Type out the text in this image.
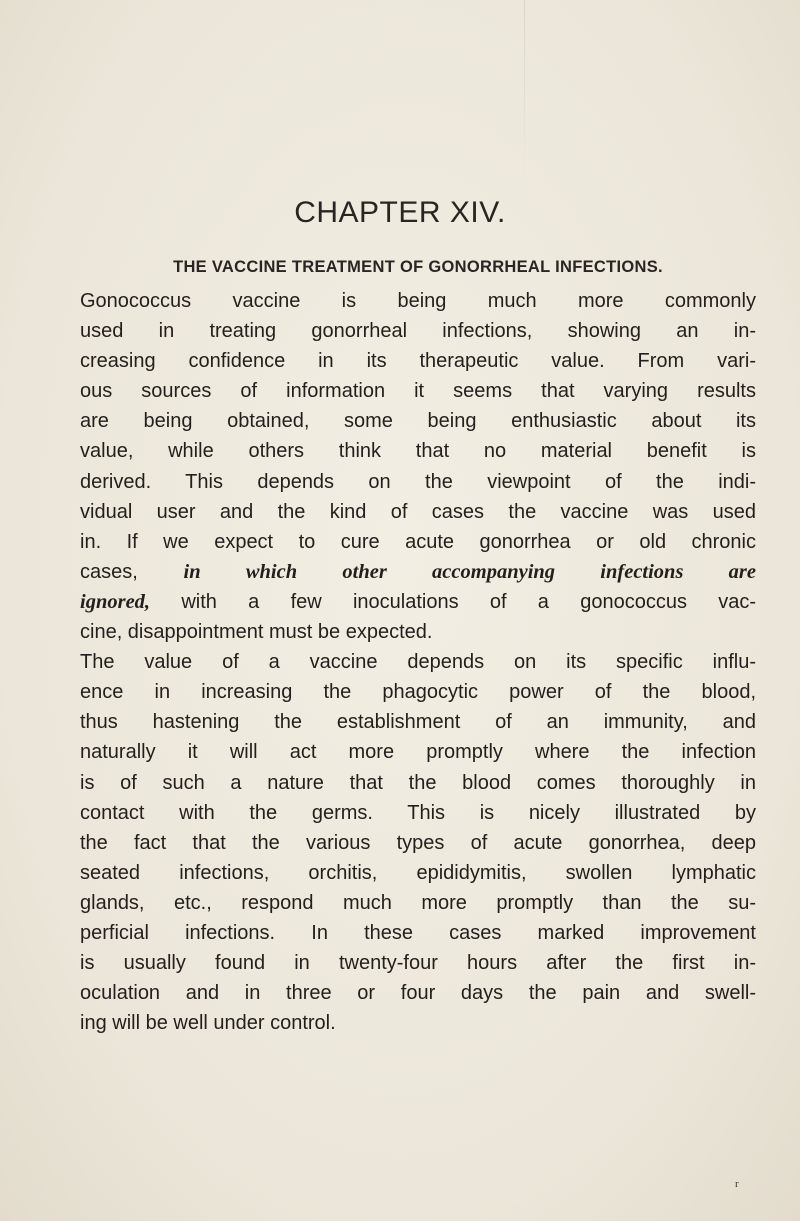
CHAPTER XIV.
THE VACCINE TREATMENT OF GONORRHEAL INFECTIONS.
Gonococcus vaccine is being much more commonly
used in treating gonorrheal infections, showing an in-
creasing confidence in its therapeutic value. From vari-
ous sources of information it seems that varying results
are being obtained, some being enthusiastic about its
value, while others think that no material benefit is
derived. This depends on the viewpoint of the indi-
vidual user and the kind of cases the vaccine was used
in. If we expect to cure acute gonorrhea or old chronic
cases, in which other accompanying infections are
ignored, with a few inoculations of a gonococcus vac-
cine, disappointment must be expected.
The value of a vaccine depends on its specific influ-
ence in increasing the phagocytic power of the blood,
thus hastening the establishment of an immunity, and
naturally it will act more promptly where the infection
is of such a nature that the blood comes thoroughly in
contact with the germs. This is nicely illustrated by
the fact that the various types of acute gonorrhea, deep
seated infections, orchitis, epididymitis, swollen lymphatic
glands, etc., respond much more promptly than the su-
perficial infections. In these cases marked improvement
is usually found in twenty-four hours after the first in-
oculation and in three or four days the pain and swell-
ing will be well under control.
r
